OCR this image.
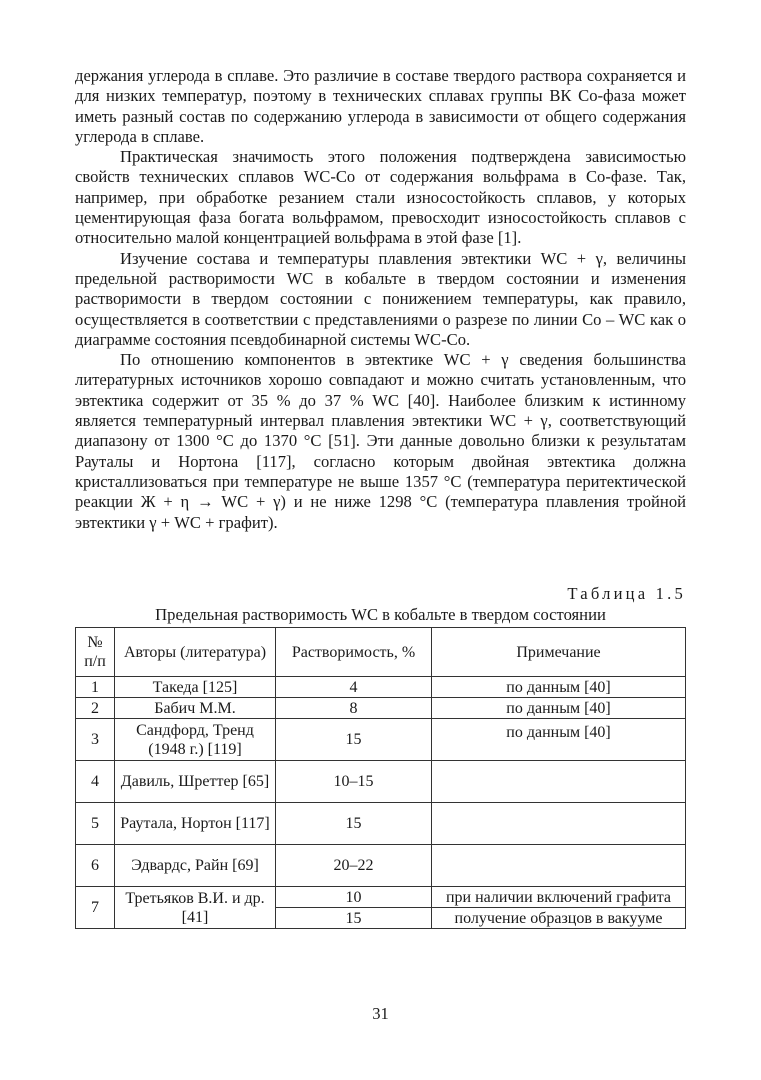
держания углерода в сплаве. Это различие в составе твердого раствора сохраняется и для низких температур, поэтому в технических сплавах группы ВК Со-фаза может иметь разный состав по содержанию углерода в зависимости от общего содержания углерода в сплаве.

Практическая значимость этого положения подтверждена зависимостью свойств технических сплавов WC-Co от содержания вольфрама в Со-фазе. Так, например, при обработке резанием стали износостойкость сплавов, у которых цементирующая фаза богата вольфрамом, превосходит износостойкость сплавов с относительно малой концентрацией вольфрама в этой фазе [1].

Изучение состава и температуры плавления эвтектики WC + γ, величины предельной растворимости WC в кобальте в твердом состоянии и изменения растворимости в твердом состоянии с понижением температуры, как правило, осуществляется в соответствии с представлениями о разрезе по линии Co – WC как о диаграмме состояния псевдобинарной системы WC-Co.

По отношению компонентов в эвтектике WC + γ сведения большинства литературных источников хорошо совпадают и можно считать установленным, что эвтектика содержит от 35 % до 37 % WC [40]. Наиболее близким к истинному является температурный интервал плавления эвтектики WC + γ, соответствующий диапазону от 1300 °С до 1370 °С [51]. Эти данные довольно близки к результатам Рауталы и Нортона [117], согласно которым двойная эвтектика должна кристаллизоваться при температуре не выше 1357 °С (температура перитектической реакции Ж + η → WC + γ) и не ниже 1298 °С (температура плавления тройной эвтектики γ + WC + графит).

Таблица 1.5
Предельная растворимость WC в кобальте в твердом состоянии
№ п/п	Авторы (литература)	Растворимость, %	Примечание
1	Такеда [125]	4	по данным [40]
2	Бабич М.М.	8	по данным [40]
3	Сандфорд, Тренд (1948 г.) [119]	15	по данным [40]
4	Давиль, Шреттер [65]	10–15	
5	Раутала, Нортон [117]	15	
6	Эдвардс, Райн [69]	20–22	
7	Третьяков В.И. и др. [41]	10	при наличии включений графита
		15	получение образцов в вакууме
31
